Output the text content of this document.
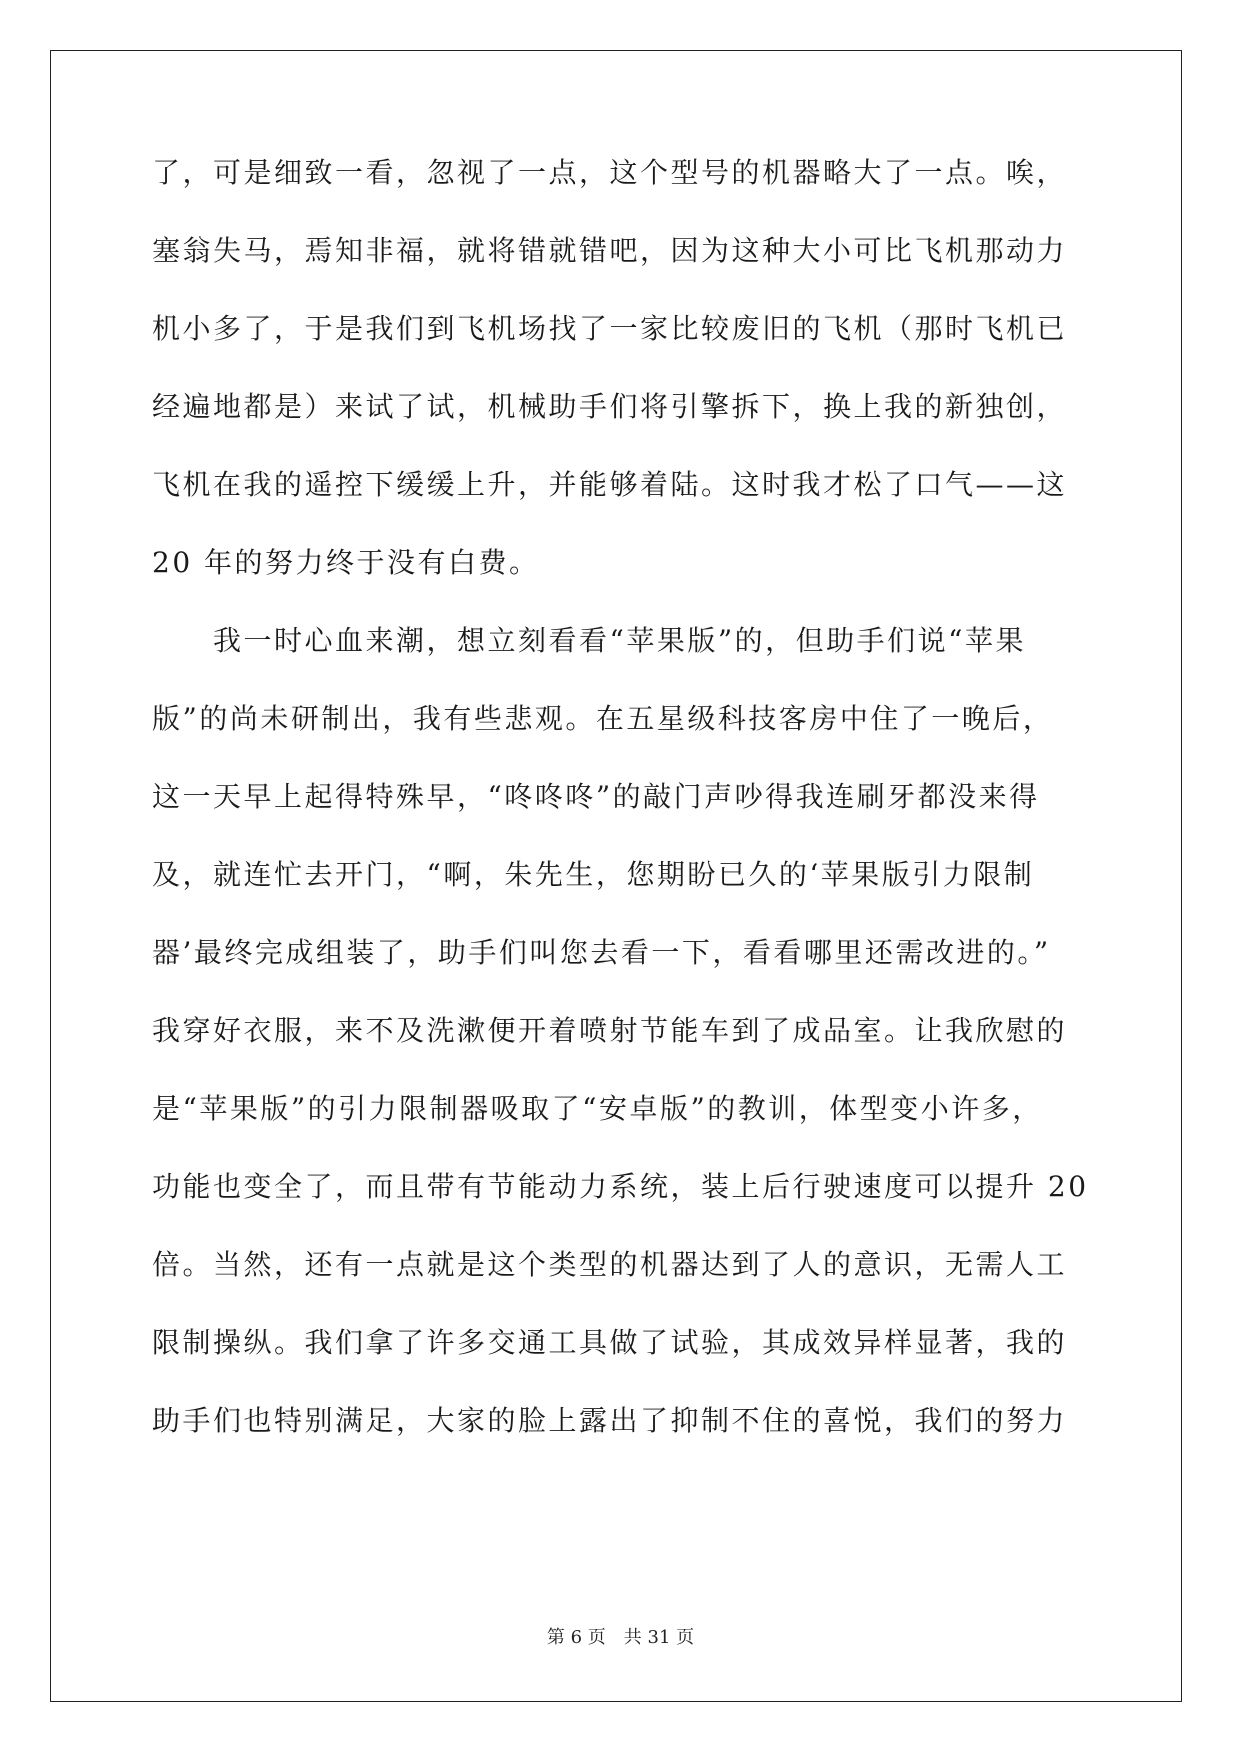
了，可是细致一看，忽视了一点，这个型号的机器略大了一点。唉，
塞翁失马，焉知非福，就将错就错吧，因为这种大小可比飞机那动力
机小多了，于是我们到飞机场找了一家比较废旧的飞机（那时飞机已
经遍地都是）来试了试，机械助手们将引擎拆下，换上我的新独创，
飞机在我的遥控下缓缓上升，并能够着陆。这时我才松了口气——这
20 年的努力终于没有白费。
　　我一时心血来潮，想立刻看看“苹果版”的，但助手们说“苹果
版”的尚未研制出，我有些悲观。在五星级科技客房中住了一晚后，
这一天早上起得特殊早，“咚咚咚”的敲门声吵得我连刷牙都没来得
及，就连忙去开门，“啊，朱先生，您期盼已久的‘苹果版引力限制
器’最终完成组装了，助手们叫您去看一下，看看哪里还需改进的。”
我穿好衣服，来不及洗漱便开着喷射节能车到了成品室。让我欣慰的
是“苹果版”的引力限制器吸取了“安卓版”的教训，体型变小许多，
功能也变全了，而且带有节能动力系统，装上后行驶速度可以提升 20
倍。当然，还有一点就是这个类型的机器达到了人的意识，无需人工
限制操纵。我们拿了许多交通工具做了试验，其成效异样显著，我的
助手们也特别满足，大家的脸上露出了抑制不住的喜悦，我们的努力
第 6 页　共 31 页
